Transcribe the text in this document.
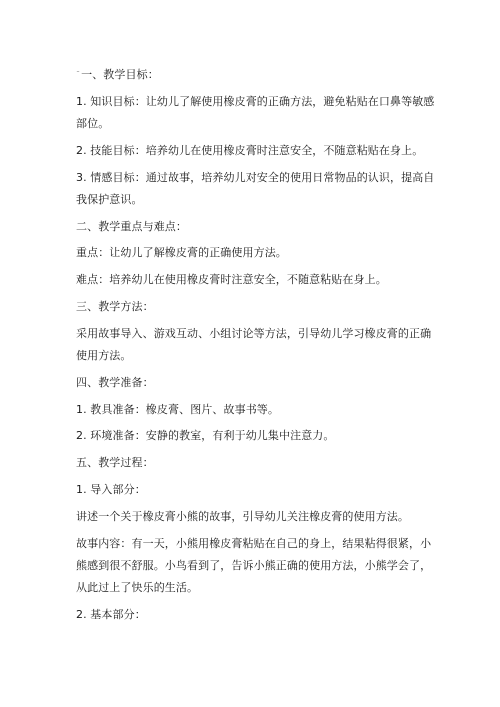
$^ˉ$一、教学目标：

1. 知识目标：让幼儿了解使用橡皮膏的正确方法，避免粘贴在口鼻等敏感部位。

2. 技能目标：培养幼儿在使用橡皮膏时注意安全，不随意粘贴在身上。

3. 情感目标：通过故事，培养幼儿对安全的使用日常物品的认识，提高自我保护意识。

二、教学重点与难点：

重点：让幼儿了解橡皮膏的正确使用方法。

难点：培养幼儿在使用橡皮膏时注意安全，不随意粘贴在身上。

三、教学方法：

采用故事导入、游戏互动、小组讨论等方法，引导幼儿学习橡皮膏的正确使用方法。

四、教学准备：

1. 教具准备：橡皮膏、图片、故事书等。

2. 环境准备：安静的教室，有利于幼儿集中注意力。

五、教学过程：

1. 导入部分：

讲述一个关于橡皮膏小熊的故事，引导幼儿关注橡皮膏的使用方法。

故事内容：有一天，小熊用橡皮膏粘贴在自己的身上，结果粘得很紧，小熊感到很不舒服。小鸟看到了，告诉小熊正确的使用方法，小熊学会了，从此过上了快乐的生活。

2. 基本部分：
